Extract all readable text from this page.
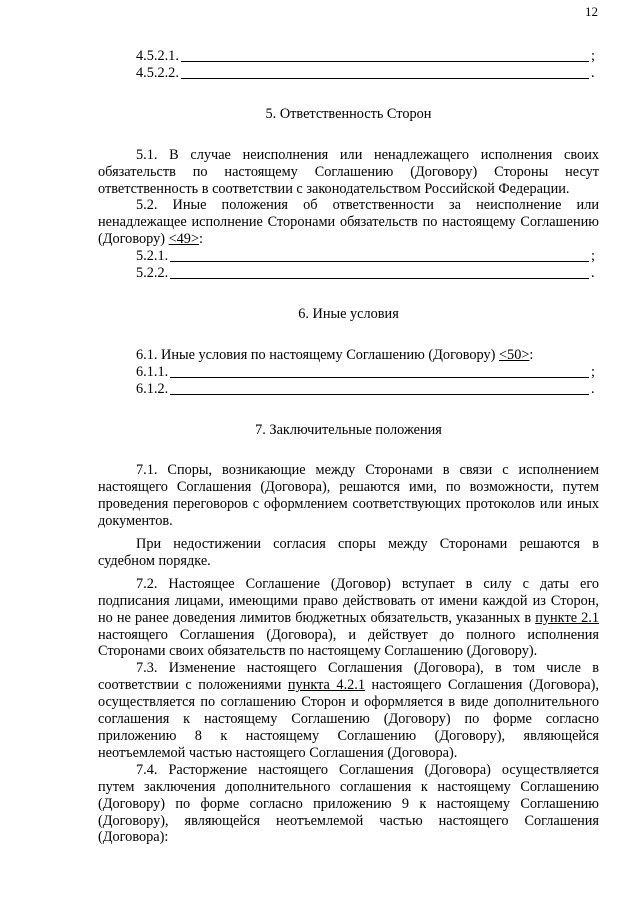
12
4.5.2.1.	;
4.5.2.2.	.
5. Ответственность Сторон
5.1. В случае неисполнения или ненадлежащего исполнения своих обязательств по настоящему Соглашению (Договору) Стороны несут ответственность в соответствии с законодательством Российской Федерации.
5.2. Иные положения об ответственности за неисполнение или ненадлежащее исполнение Сторонами обязательств по настоящему Соглашению (Договору) <49>:
5.2.1.	;
5.2.2.	.
6. Иные условия
6.1. Иные условия по настоящему Соглашению (Договору) <50>:
6.1.1.	;
6.1.2.	.
7. Заключительные положения
7.1. Споры, возникающие между Сторонами в связи с исполнением настоящего Соглашения (Договора), решаются ими, по возможности, путем проведения переговоров с оформлением соответствующих протоколов или иных документов.
При недостижении согласия споры между Сторонами решаются в судебном порядке.
7.2. Настоящее Соглашение (Договор) вступает в силу с даты его подписания лицами, имеющими право действовать от имени каждой из Сторон, но не ранее доведения лимитов бюджетных обязательств, указанных в пункте 2.1 настоящего Соглашения (Договора), и действует до полного исполнения Сторонами своих обязательств по настоящему Соглашению (Договору).
7.3. Изменение настоящего Соглашения (Договора), в том числе в соответствии с положениями пункта 4.2.1 настоящего Соглашения (Договора), осуществляется по соглашению Сторон и оформляется в виде дополнительного соглашения к настоящему Соглашению (Договору) по форме согласно приложению 8 к настоящему Соглашению (Договору), являющейся неотъемлемой частью настоящего Соглашения (Договора).
7.4. Расторжение настоящего Соглашения (Договора) осуществляется путем заключения дополнительного соглашения к настоящему Соглашению (Договору) по форме согласно приложению 9 к настоящему Соглашению (Договору), являющейся неотъемлемой частью настоящего Соглашения (Договора):
